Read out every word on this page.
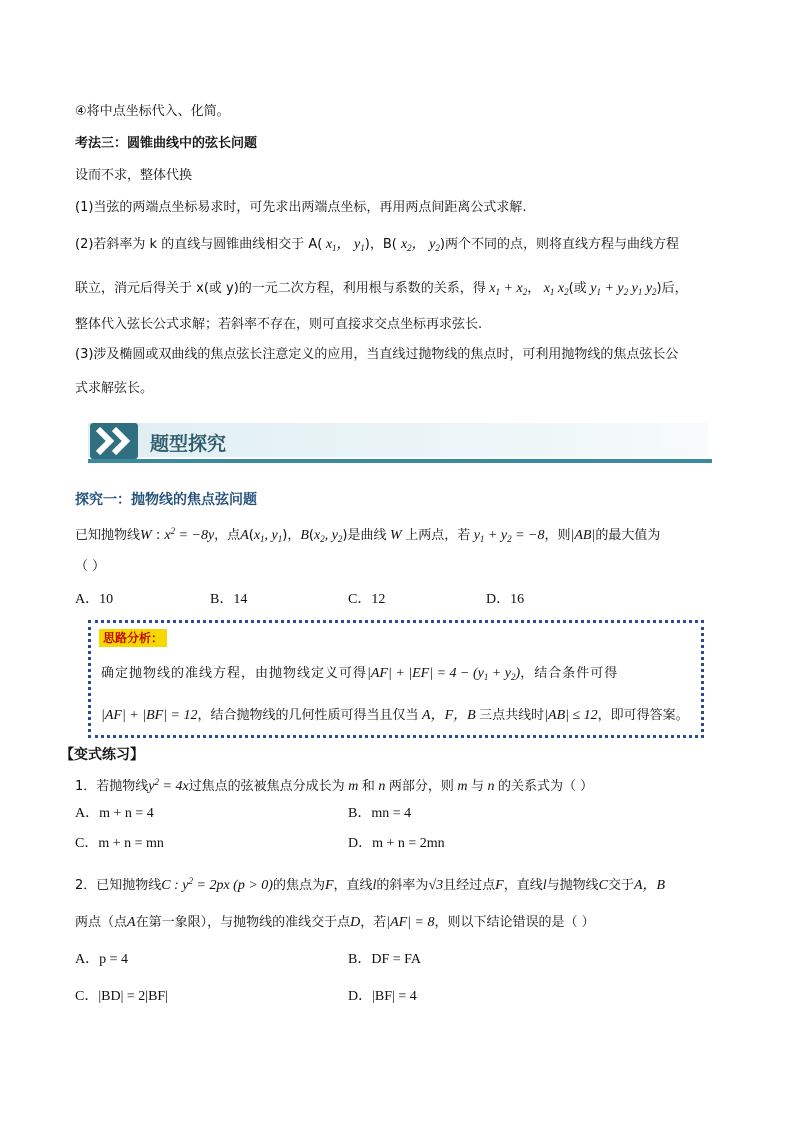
④将中点坐标代入、化简。
考法三：圆锥曲线中的弦长问题
设而不求，整体代换
(1)当弦的两端点坐标易求时，可先求出两端点坐标，再用两点间距离公式求解.
(2)若斜率为 k 的直线与圆锥曲线相交于 A( $x_1$， $y_1$)，B( $x_2$， $y_2$)两个不同的点，则将直线方程与曲线方程
联立，消元后得关于 x(或 y)的一元二次方程，利用根与系数的关系，得 $x_1 + x_2$， $x_1$ $x_2$(或 $y_1 + y_2$ $y_1$ $y_2$)后，
整体代入弦长公式求解；若斜率不存在，则可直接求交点坐标再求弦长.
(3)涉及椭圆或双曲线的焦点弦长注意定义的应用，当直线过抛物线的焦点时，可利用抛物线的焦点弦长公
式求解弦长。
题型探究
探究一：抛物线的焦点弦问题
已知抛物线W : $x^2 = -8y$，点$A(x_1$, $y_1$)，$B(x_2$, $y_2$)是曲线 W 上两点，若 $y_1 + y_2 = -8$，则|AB|的最大值为
（ ）
A．10	B．14	C．12	D．16
思路分析：
确定抛物线的准线方程，由抛物线定义可得$|AF| + |EF| = 4 - (y_1 + y_2)$，结合条件可得
|AF| + |BF| = 12，结合抛物线的几何性质可得当且仅当 A，F，B 三点共线时|AB| ≤ 12，即可得答案。
【变式练习】
1．若抛物线$y^2 = 4x$过焦点的弦被焦点分成长为 m 和 n 两部分，则 m 与 n 的关系式为（ ）
A．m + n = 4	B．mn = 4
C．m + n = mn	D．m + n = 2mn
2．已知抛物线C : $y^2 = 2px$ (p > 0)的焦点为F，直线l的斜率为√3且经过点F，直线l与抛物线C交于A，B
两点（点A在第一象限），与抛物线的准线交于点D，若|AF| = 8，则以下结论错误的是（ ）
A．p = 4	B．DF = FA
C．|BD| = 2|BF|	D．|BF| = 4
